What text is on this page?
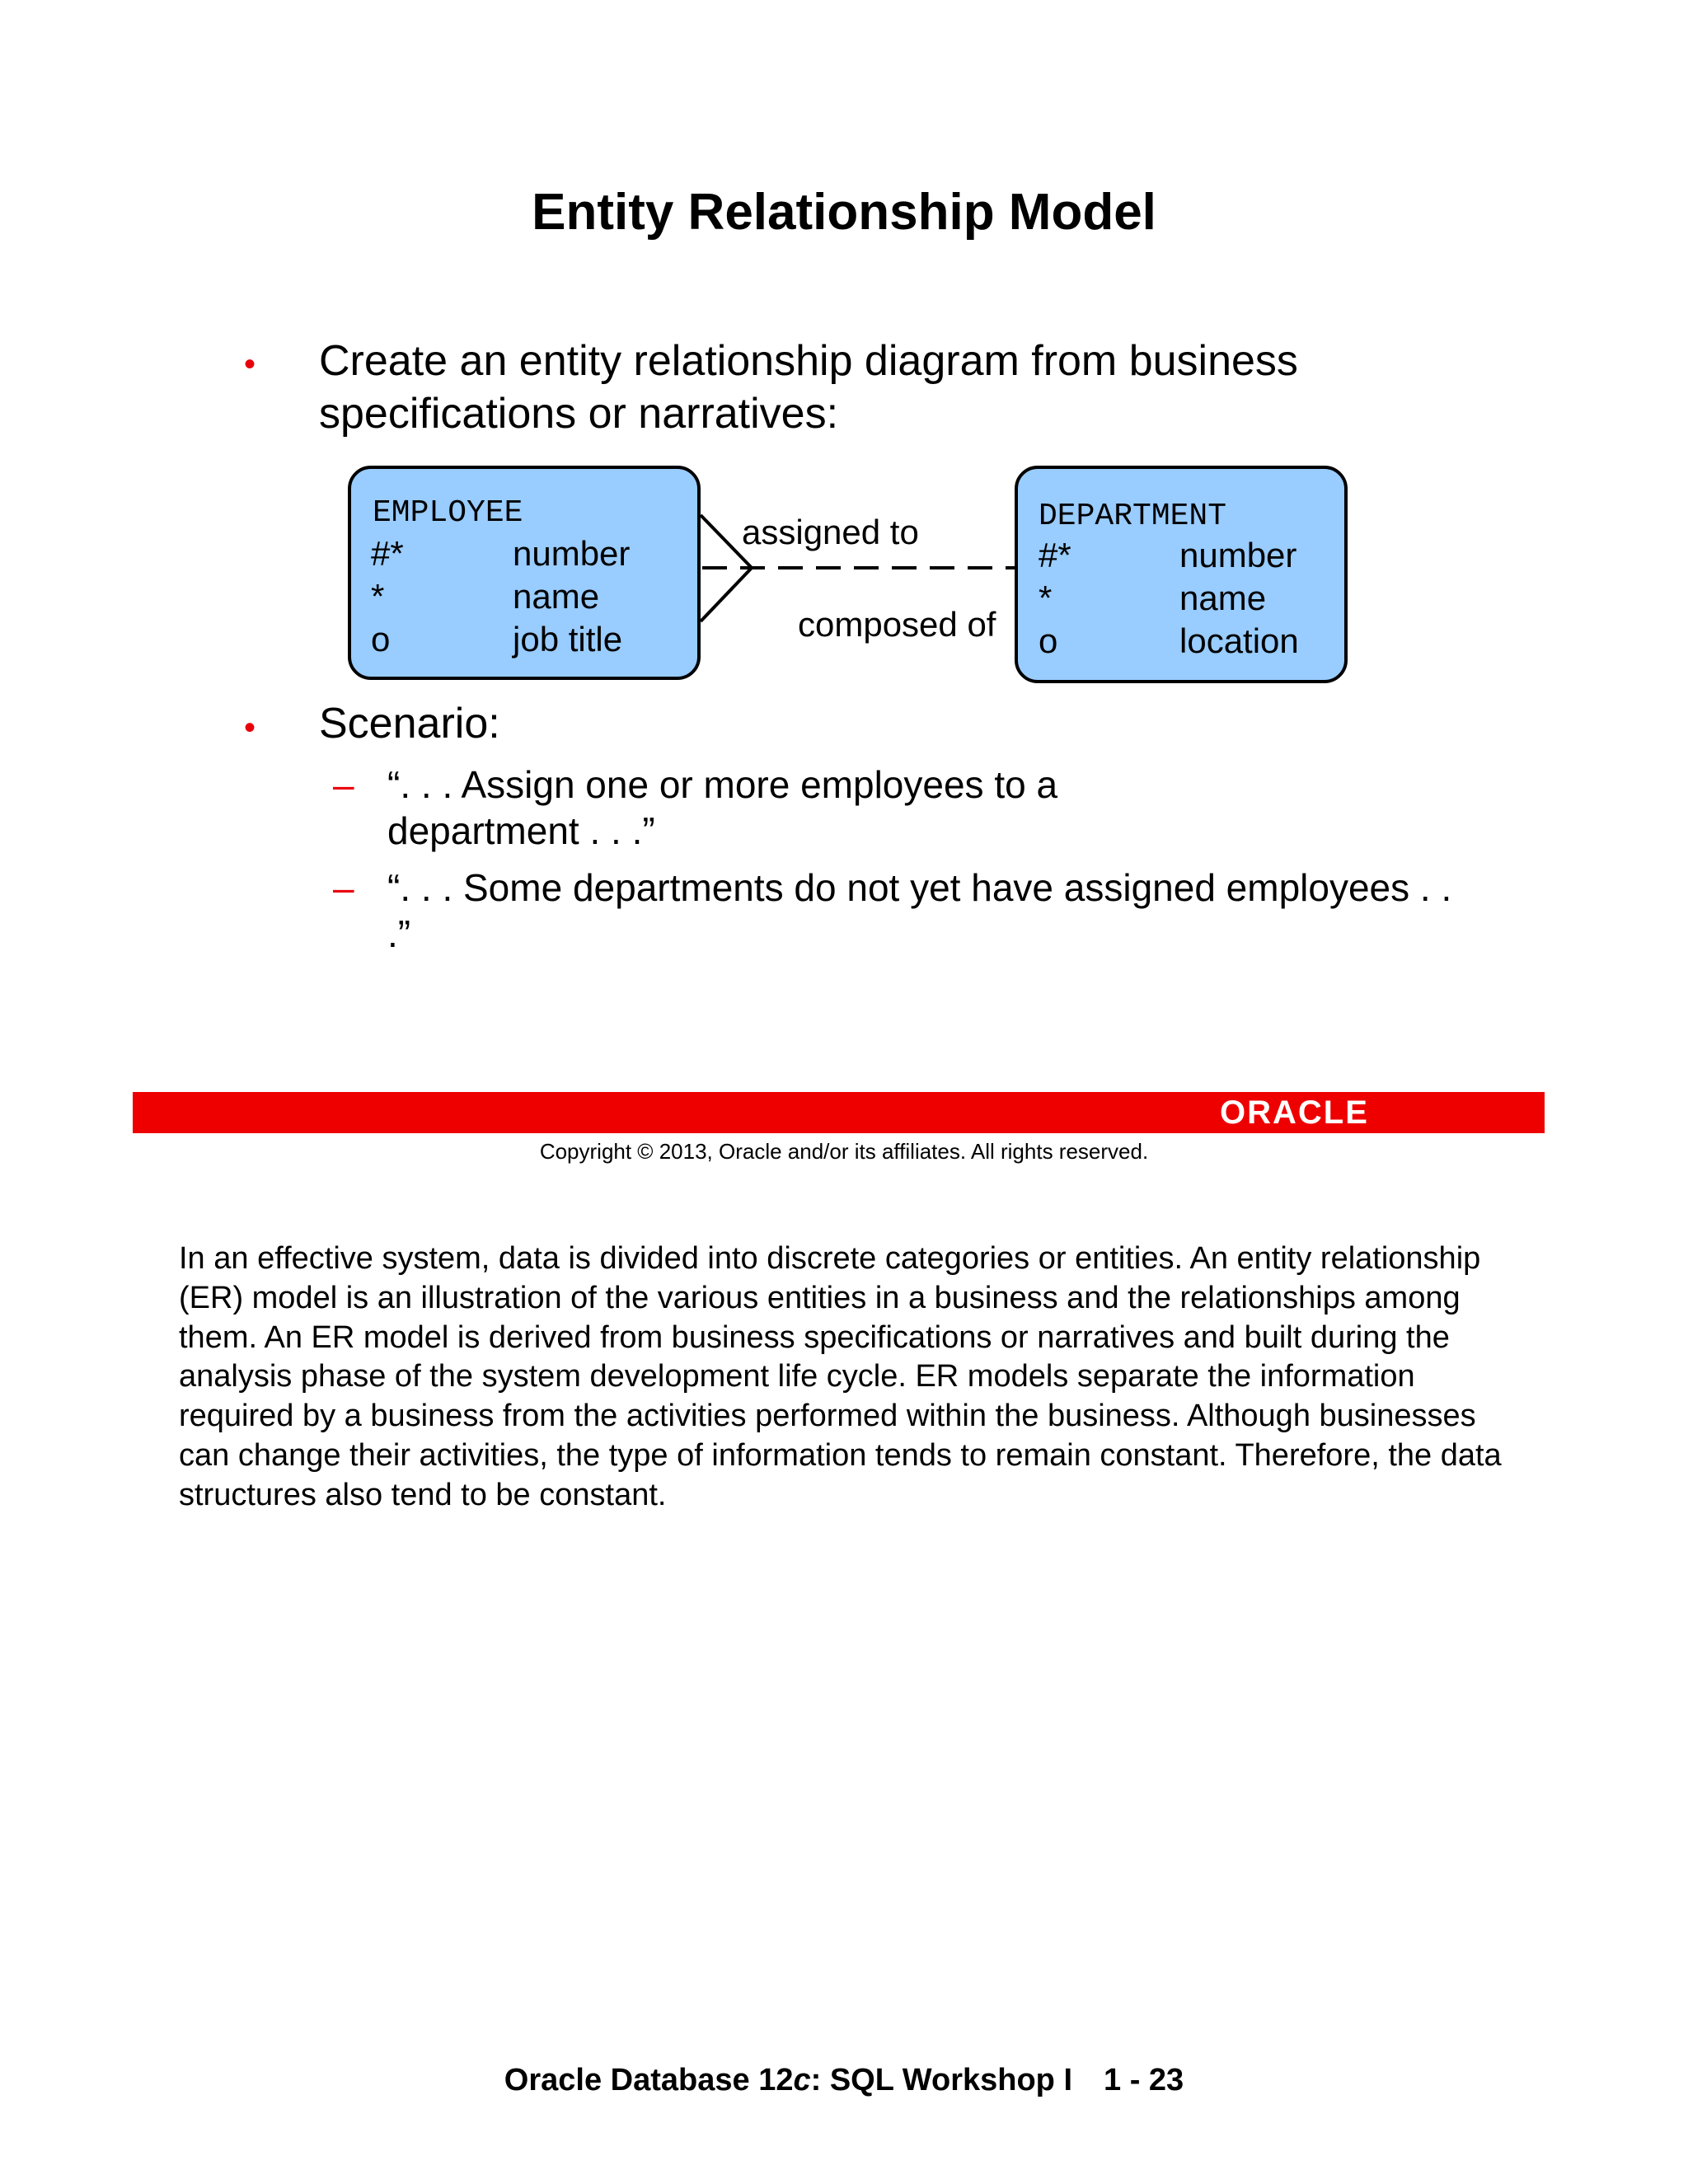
Entity Relationship Model
• Create an entity relationship diagram from business specifications or narratives:
EMPLOYEE
#*	number
*	name
o	job title
DEPARTMENT
#*	number
*	name
o	location
assigned to
composed of
• Scenario:
– “. . . Assign one or more employees to a department . . .”
– “. . . Some departments do not yet have assigned employees . . .”
ORACLE
Copyright © 2013, Oracle and/or its affiliates. All rights reserved.
In an effective system, data is divided into discrete categories or entities. An entity relationship (ER) model is an illustration of the various entities in a business and the relationships among them. An ER model is derived from business specifications or narratives and built during the analysis phase of the system development life cycle. ER models separate the information required by a business from the activities performed within the business. Although businesses can change their activities, the type of information tends to remain constant. Therefore, the data structures also tend to be constant.
Oracle Database 12c: SQL Workshop I 1 - 23
